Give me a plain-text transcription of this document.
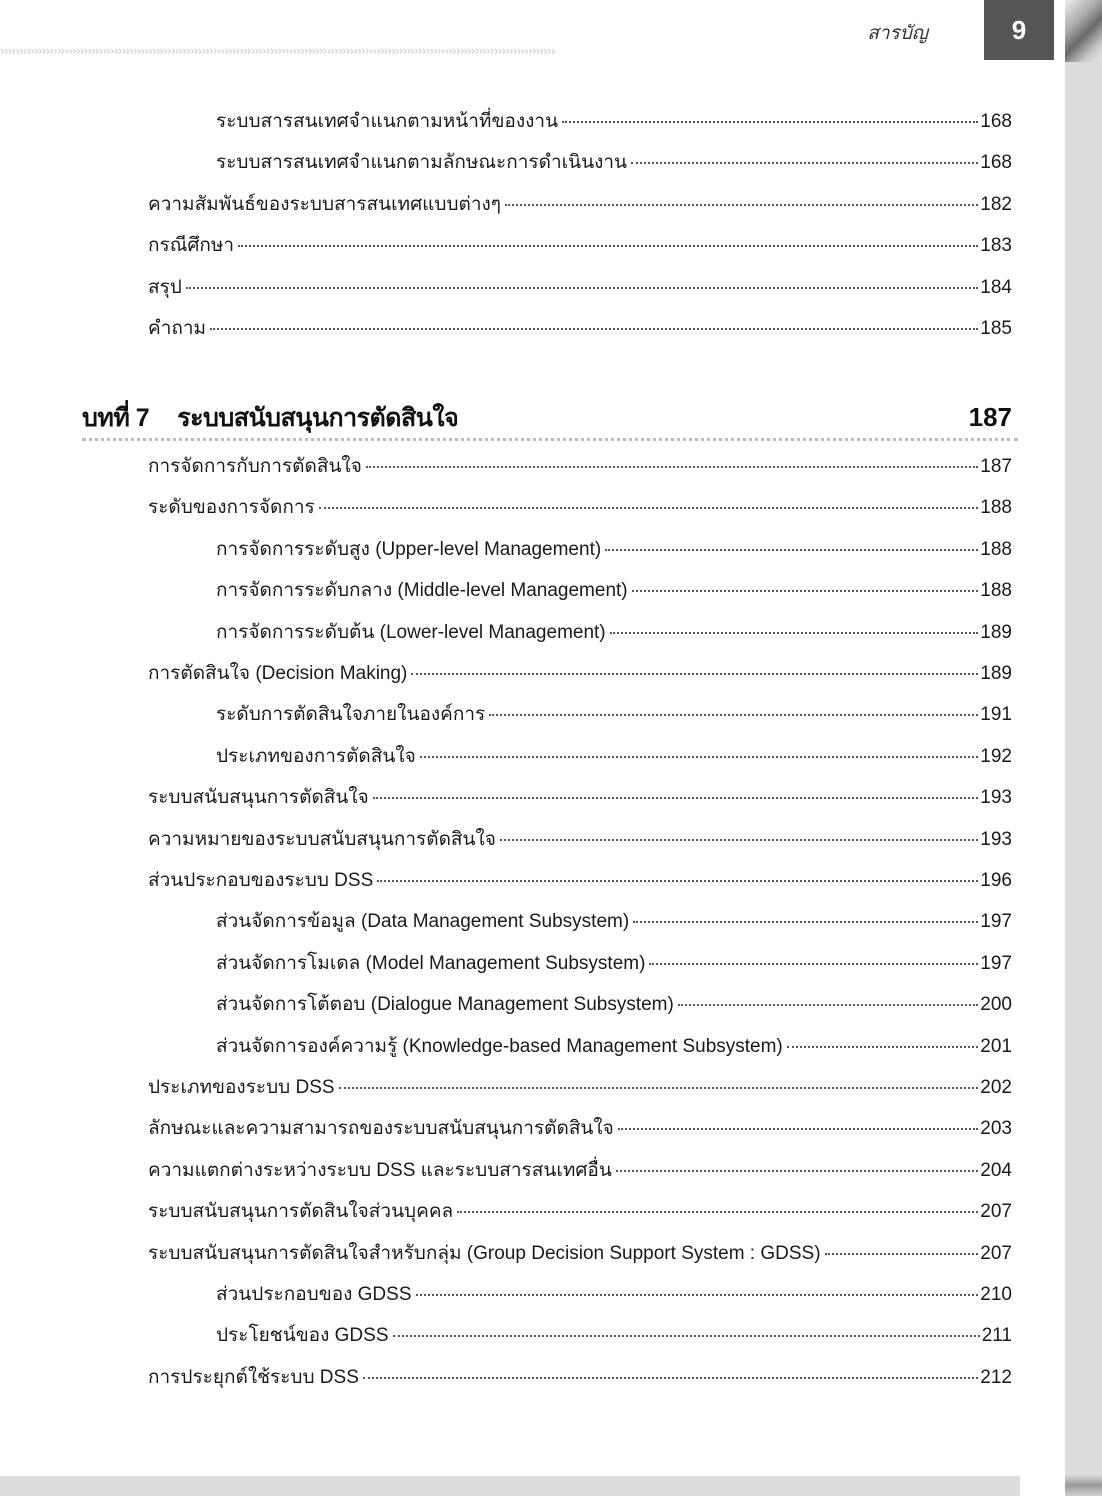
››››››››››››››››››››››››››››››››››››››››››››››››››››››››››››››››››››››››››››››››››››››››››››››››››››››››››››››››››››››››››››››››››››››››››››››››››
สารบัญ	9
ระบบสารสนเทศจำแนกตามหน้าที่ของงาน	168
ระบบสารสนเทศจำแนกตามลักษณะการดำเนินงาน	168
ความสัมพันธ์ของระบบสารสนเทศแบบต่างๆ	182
กรณีศึกษา	183
สรุป	184
คำถาม	185
บทที่ 7 ระบบสนับสนุนการตัดสินใจ	187
การจัดการกับการตัดสินใจ	187
ระดับของการจัดการ	188
การจัดการระดับสูง (Upper-level Management)	188
การจัดการระดับกลาง (Middle-level Management)	188
การจัดการระดับต้น (Lower-level Management)	189
การตัดสินใจ (Decision Making)	189
ระดับการตัดสินใจภายในองค์การ	191
ประเภทของการตัดสินใจ	192
ระบบสนับสนุนการตัดสินใจ	193
ความหมายของระบบสนับสนุนการตัดสินใจ	193
ส่วนประกอบของระบบ DSS	196
ส่วนจัดการข้อมูล (Data Management Subsystem)	197
ส่วนจัดการโมเดล (Model Management Subsystem)	197
ส่วนจัดการโต้ตอบ (Dialogue Management Subsystem)	200
ส่วนจัดการองค์ความรู้ (Knowledge-based Management Subsystem)	201
ประเภทของระบบ DSS	202
ลักษณะและความสามารถของระบบสนับสนุนการตัดสินใจ	203
ความแตกต่างระหว่างระบบ DSS และระบบสารสนเทศอื่น	204
ระบบสนับสนุนการตัดสินใจส่วนบุคคล	207
ระบบสนับสนุนการตัดสินใจสำหรับกลุ่ม (Group Decision Support System : GDSS)	207
ส่วนประกอบของ GDSS	210
ประโยชน์ของ GDSS	211
การประยุกต์ใช้ระบบ DSS	212
